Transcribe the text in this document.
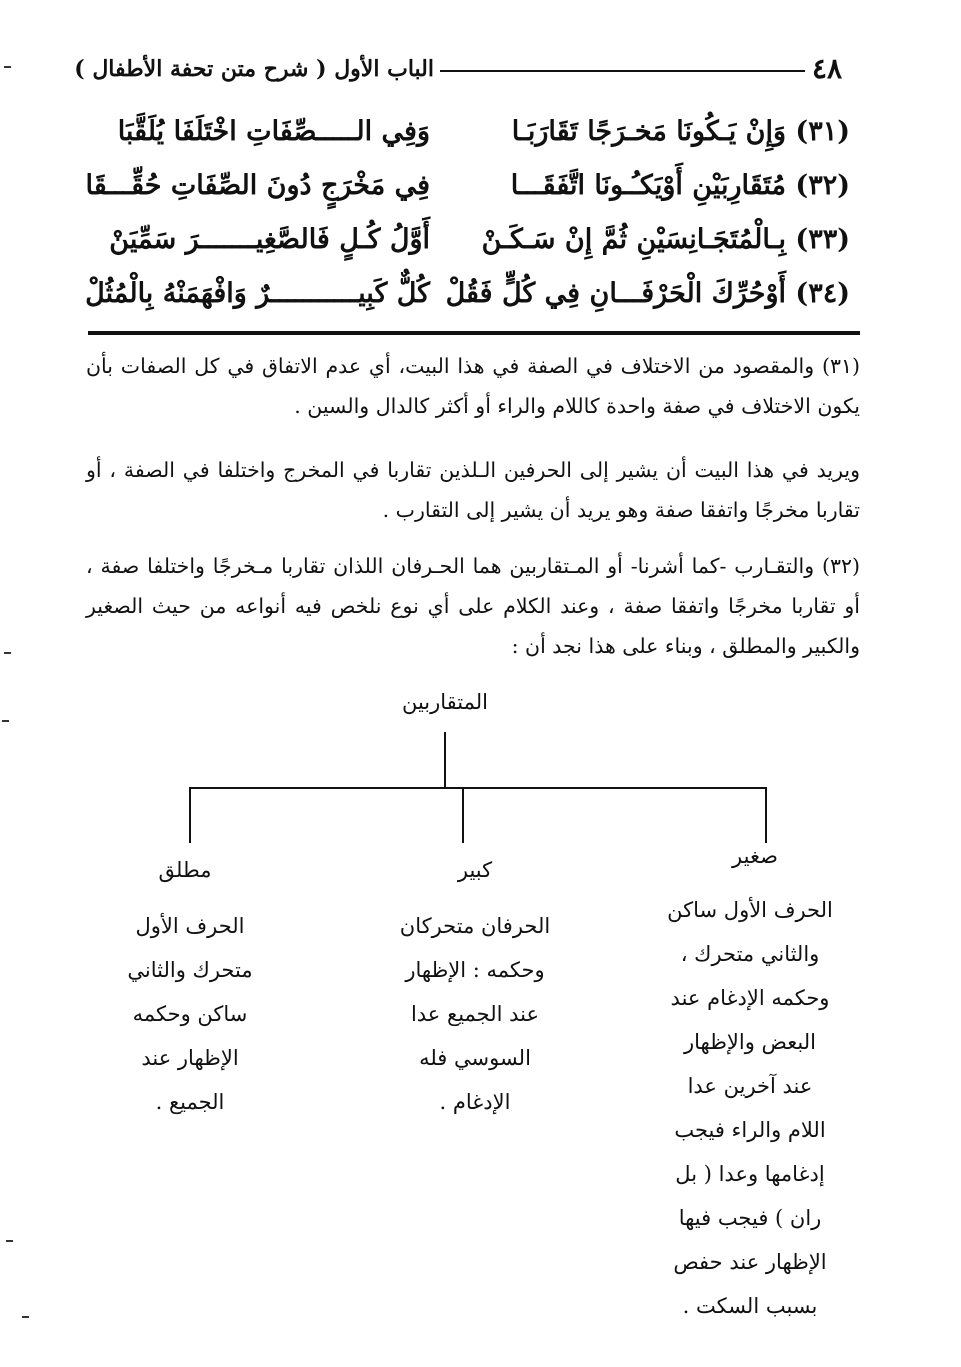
٤٨
الباب الأول ( شرح متن تحفة الأطفال )
(٣١) وَإِنْ يَـكُونَا مَخـرَجًا تَقَارَبَـا
وَفِي الـــــصِّفَاتِ اخْتَلَفَا يُلَقَّبَا
(٣٢) مُتَقَارِبَيْنِ أَوْيَكـُـونَا اتَّفَقَـــا
فِي مَخْرَجٍ دُونَ الصِّفَاتِ حُقِّـــقَا
(٣٣) بِـالْمُتَجَـانِسَيْنِ ثُمَّ إِنْ سَـكَـنْ
أَوَّلُ كُـلٍ فَالصَّغِيـــــــرَ سَمِّيَنْ
(٣٤) أَوْحُرِّكَ الْحَرْفَـــانِ فِي كُلٍّ فَقُلْ
كُلٌّ كَبِيـــــــــــرٌ وَافْهَمَنْهُ بِالْمُثُلْ
(٣١) والمقصود من الاختلاف في الصفة في هذا البيت، أي عدم الاتفاق في كل الصفات بأن يكون الاختلاف في صفة واحدة كاللام والراء أو أكثر كالدال والسين .
ويريد في هذا البيت أن يشير إلى الحرفين الـلذين تقاربا في المخرج واختلفا في الصفة ، أو تقاربا مخرجًا واتفقا صفة وهو يريد أن يشير إلى التقارب .
(٣٢) والتقـارب -كما أشرنا- أو المـتقاربين هما الحـرفان اللذان تقاربا مـخرجًا واختلفا صفة ، أو تقاربا مخرجًا واتفقا صفة ، وعند الكلام على أي نوع نلخص فيه أنواعه من حيث الصغير والكبير والمطلق ، وبناء على هذا نجد أن :
المتقاربين
صغير
الحرف الأول ساكن
والثاني متحرك ،
وحكمه الإدغام عند
البعض والإظهار
عند آخرين عدا
اللام والراء فيجب
إدغامها وعدا ( بل
ران ) فيجب فيها
الإظهار عند حفص
بسبب السكت .
كبير
الحرفان متحركان
وحكمه : الإظهار
عند الجميع عدا
السوسي فله
الإدغام .
مطلق
الحرف الأول
متحرك والثاني
ساكن وحكمه
الإظهار عند
الجميع .
